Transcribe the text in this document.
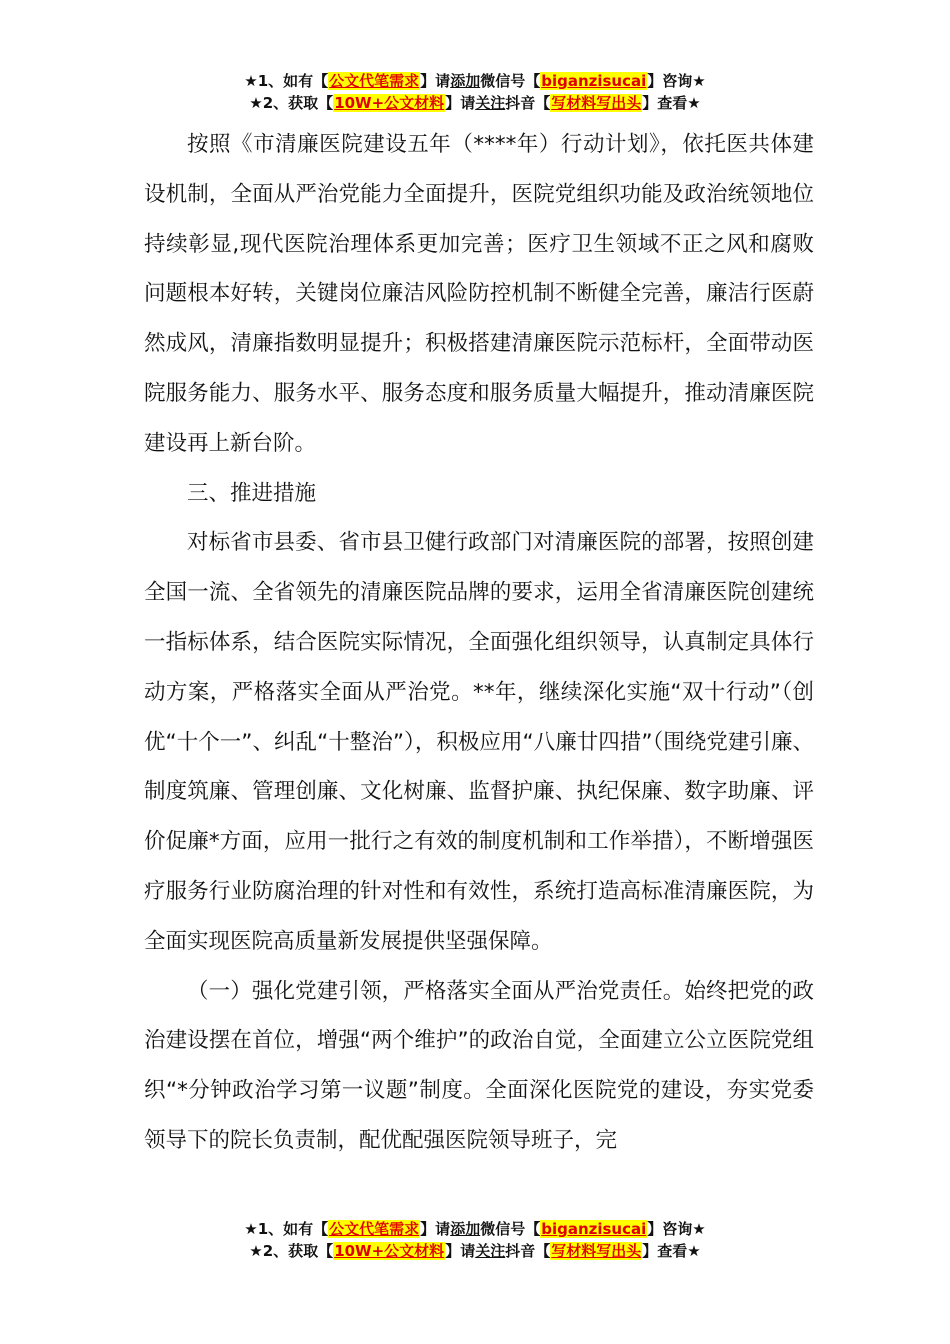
★1、如有【公文代笔需求】请添加微信号【biganzisucai】咨询★
★2、获取【10W+公文材料】请关注抖音【写材料写出头】查看★

按照《市清廉医院建设五年（****年）行动计划》，依托医共体建设机制，全面从严治党能力全面提升，医院党组织功能及政治统领地位持续彰显,现代医院治理体系更加完善；医疗卫生领域不正之风和腐败问题根本好转，关键岗位廉洁风险防控机制不断健全完善，廉洁行医蔚然成风，清廉指数明显提升；积极搭建清廉医院示范标杆，全面带动医院服务能力、服务水平、服务态度和服务质量大幅提升，推动清廉医院建设再上新台阶。

三、推进措施

对标省市县委、省市县卫健行政部门对清廉医院的部署，按照创建全国一流、全省领先的清廉医院品牌的要求，运用全省清廉医院创建统一指标体系，结合医院实际情况，全面强化组织领导，认真制定具体行动方案，严格落实全面从严治党。**年，继续深化实施“双十行动”（创优“十个一”、纠乱“十整治”），积极应用“八廉廿四措”（围绕党建引廉、制度筑廉、管理创廉、文化树廉、监督护廉、执纪保廉、数字助廉、评价促廉*方面，应用一批行之有效的制度机制和工作举措），不断增强医疗服务行业防腐治理的针对性和有效性，系统打造高标准清廉医院，为全面实现医院高质量新发展提供坚强保障。

（一）强化党建引领，严格落实全面从严治党责任。始终把党的政治建设摆在首位，增强“两个维护”的政治自觉，全面建立公立医院党组织“*分钟政治学习第一议题”制度。全面深化医院党的建设，夯实党委领导下的院长负责制，配优配强医院领导班子，完

★1、如有【公文代笔需求】请添加微信号【biganzisucai】咨询★
★2、获取【10W+公文材料】请关注抖音【写材料写出头】查看★
